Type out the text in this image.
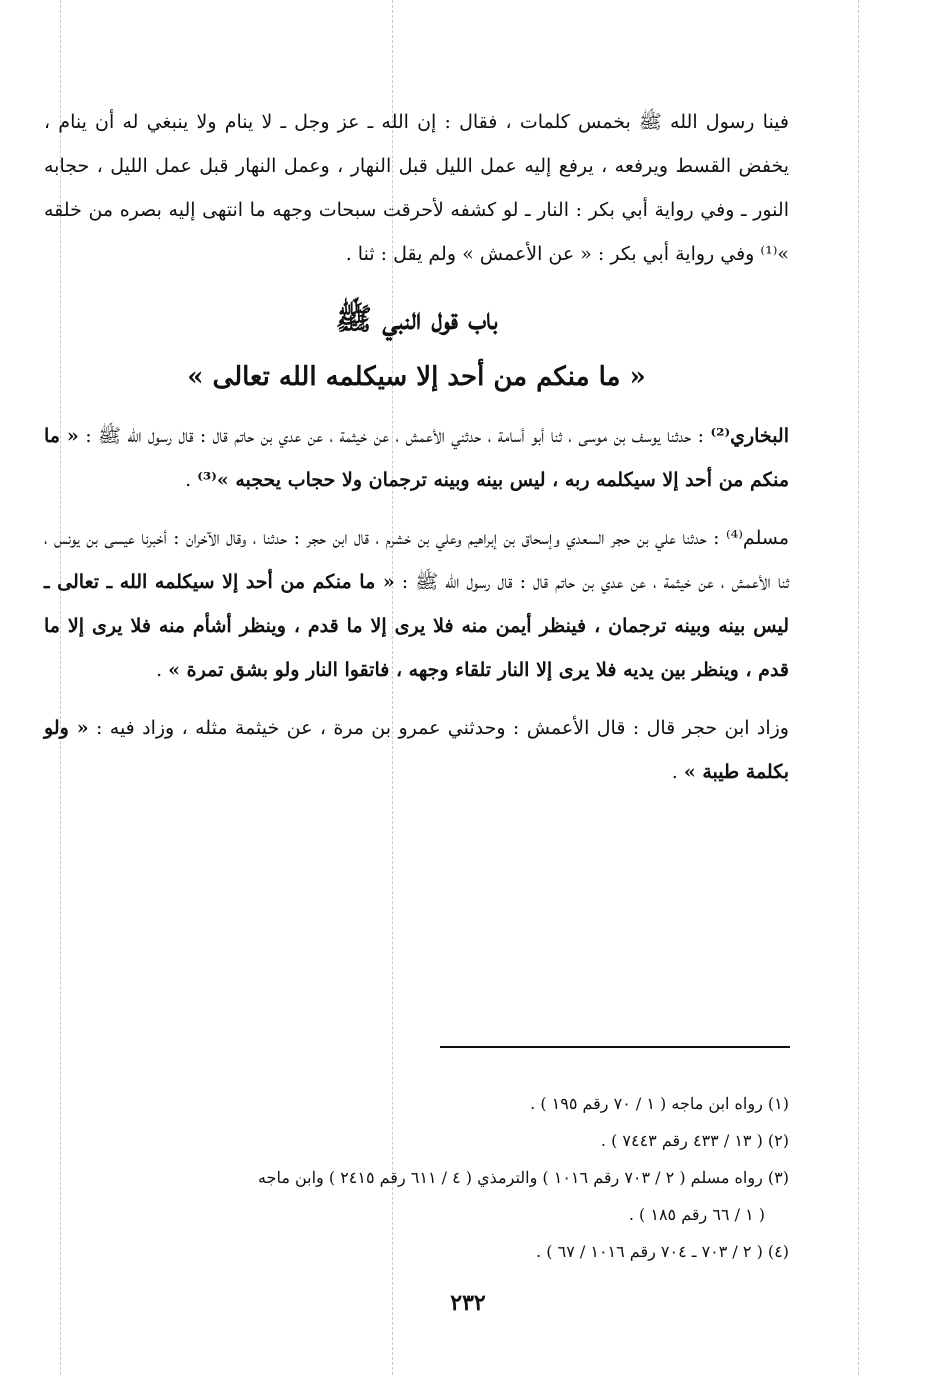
فينا رسول الله ﷺ بخمس كلمات ، فقال : إن الله ـ عز وجل ـ لا ينام ولا ينبغي له أن ينام ، يخفض القسط ويرفعه ، يرفع إليه عمل الليل قبل النهار ، وعمل النهار قبل عمل الليل ، حجابه النور ـ وفي رواية أبي بكر : النار ـ لو كشفه لأحرقت سبحات وجهه ما انتهى إليه بصره من خلقه »⁽¹⁾ وفي رواية أبي بكر : « عن الأعمش » ولم يقل : ثنا .

باب قول النبي ﷺ

« ما منكم من أحد إلا سيكلمه الله تعالى »

البخاري⁽²⁾ : حدثنا يوسف بن موسى ، ثنا أبو أسامة ، حدثني الأعمش ، عن خيثمة ، عن عدي بن حاتم قال : قال رسول الله ﷺ : « ما منكم من أحد إلا سيكلمه ربه ، ليس بينه وبينه ترجمان ولا حجاب يحجبه »⁽³⁾ .

مسلم⁽⁴⁾ : حدثنا علي بن حجر السعدي وإسحاق بن إبراهيم وعلي بن خشرم ، قال ابن حجر : حدثنا ، وقال الآخران : أخبرنا عيسى بن يونس ، ثنا الأعمش ، عن خيثمة ، عن عدي بن حاتم قال : قال رسول الله ﷺ : « ما منكم من أحد إلا سيكلمه الله ـ تعالى ـ ليس بينه وبينه ترجمان ، فينظر أيمن منه فلا يرى إلا ما قدم ، وينظر أشأم منه فلا يرى إلا ما قدم ، وينظر بين يديه فلا يرى إلا النار تلقاء وجهه ، فاتقوا النار ولو بشق تمرة » .

وزاد ابن حجر قال : قال الأعمش : وحدثني عمرو بن مرة ، عن خيثمة مثله ، وزاد فيه : « ولو بكلمة طيبة » .

(١) رواه ابن ماجه ( ١ / ٧٠ رقم ١٩٥ ) .

(٢) ( ١٣ / ٤٣٣ رقم ٧٤٤٣ ) .

(٣) رواه مسلم ( ٢ / ٧٠٣ رقم ١٠١٦ ) والترمذي ( ٤ / ٦١١ رقم ٢٤١٥ ) وابن ماجه

( ١ / ٦٦ رقم ١٨٥ ) .

(٤) ( ٢ / ٧٠٣ ـ ٧٠٤ رقم ١٠١٦ / ٦٧ ) .

٢٣٢
